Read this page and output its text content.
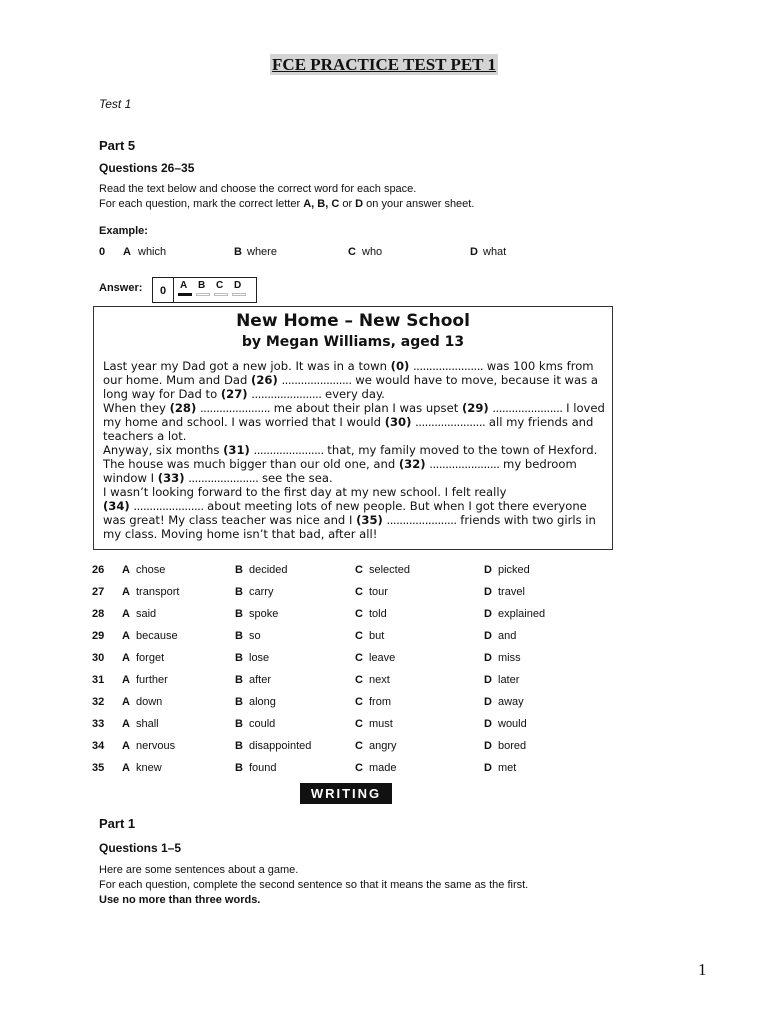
FCE PRACTICE TEST PET 1
Test 1
Part 5
Questions 26–35
Read the text below and choose the correct word for each space.
For each question, mark the correct letter A, B, C or D on your answer sheet.
Example:
0 A which	B where	C who	D what
Answer:	0	A B C D
New Home – New School
by Megan Williams, aged 13

Last year my Dad got a new job. It was in a town (0) ...................... was 100 kms from

our home. Mum and Dad (26) ...................... we would have to move, because it was a

long way for Dad to (27) ...................... every day.

When they (28) ...................... me about their plan I was upset (29) ...................... I loved

my home and school. I was worried that I would (30) ...................... all my friends and

teachers a lot.

Anyway, six months (31) ...................... that, my family moved to the town of Hexford.

The house was much bigger than our old one, and (32) ...................... my bedroom

window I (33) ...................... see the sea.

I wasn’t looking forward to the first day at my new school. I felt really

(34) ...................... about meeting lots of new people. But when I got there everyone

was great! My class teacher was nice and I (35) ...................... friends with two girls in

my class. Moving home isn’t that bad, after all!

26 A chose	B decided	C selected	D picked
27 A transport	B carry	C tour	D travel
28 A said	B spoke	C told	D explained
29 A because	B so	C but	D and
30 A forget	B lose	C leave	D miss
31 A further	B after	C next	D later
32 A down	B along	C from	D away
33 A shall	B could	C must	D would
34 A nervous	B disappointed	C angry	D bored
35 A knew	B found	C made	D met
WRITING
Part 1
Questions 1–5
Here are some sentences about a game.
For each question, complete the second sentence so that it means the same as the first.
Use no more than three words.
1
